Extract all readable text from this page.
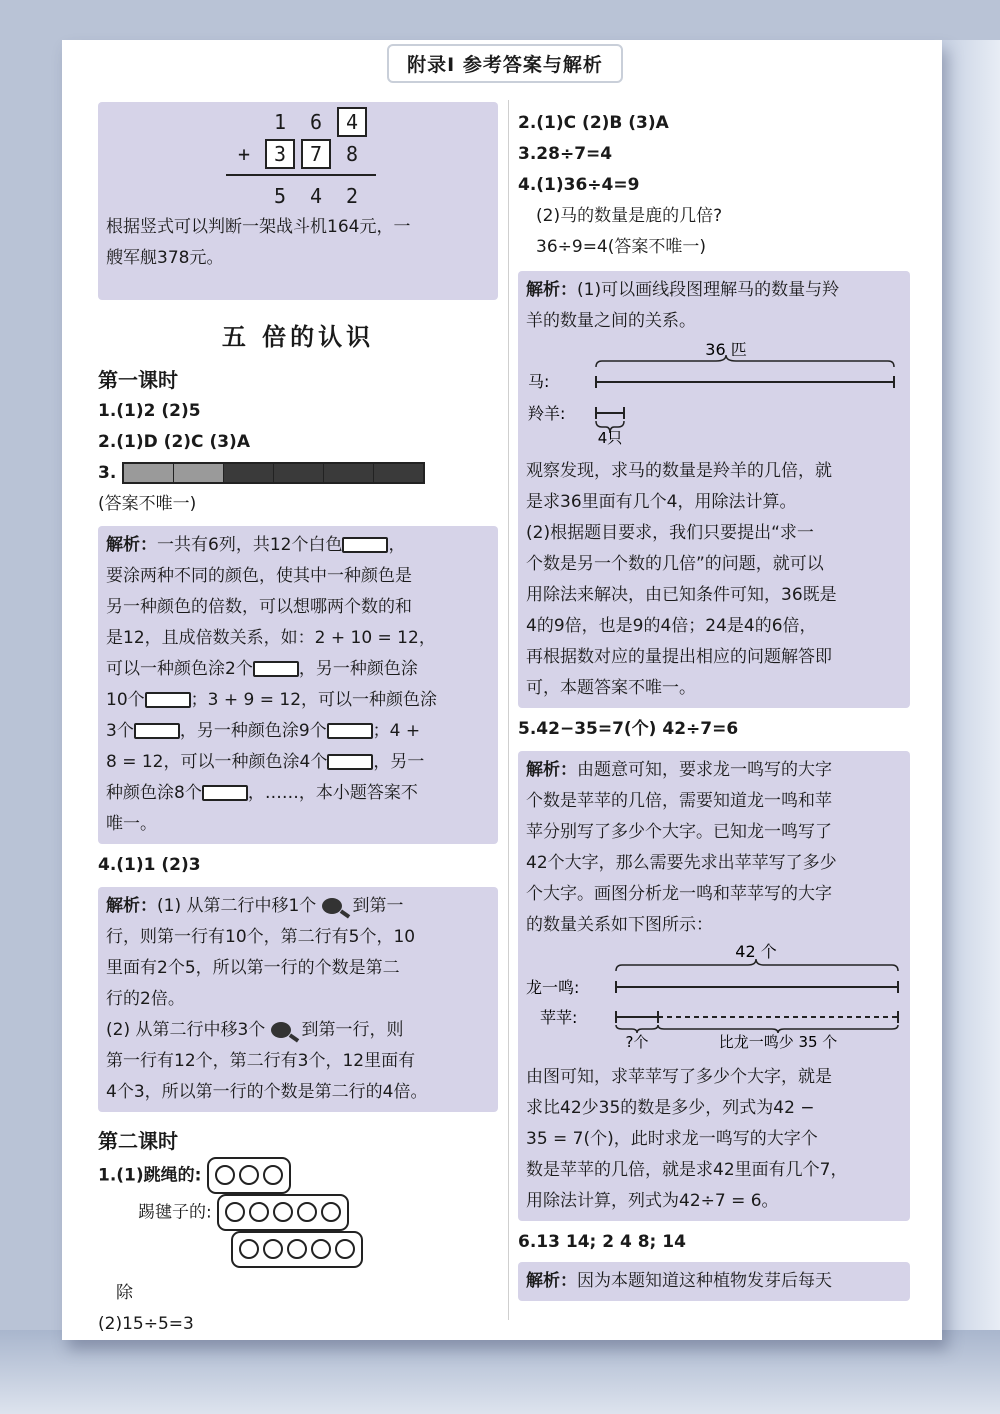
附录Ⅰ 参考答案与解析
1	6	4
+	3	7	8
5	4	2
根据竖式可以判断一架战斗机164元，一
艘军舰378元。
五 倍的认识
第一课时
1.(1)2 (2)5
2.(1)D (2)C (3)A
3.
(答案不唯一)
解析：一共有6列，共12个白色	，
要涂两种不同的颜色，使其中一种颜色是
另一种颜色的倍数，可以想哪两个数的和
是12，且成倍数关系，如：2 + 10 = 12，
可以一种颜色涂2个	，另一种颜色涂
10个	；3 + 9 = 12，可以一种颜色涂
3个	，另一种颜色涂9个	；4 +
8 = 12，可以一种颜色涂4个	，另一
种颜色涂8个	，……，本小题答案不
唯一。
4.(1)1 (2)3
解析：(1) 从第二行中移1个 到第一
行，则第一行有10个，第二行有5个，10
里面有2个5，所以第一行的个数是第二
行的2倍。
(2) 从第二行中移3个 到第一行，则
第一行有12个，第二行有3个，12里面有
4个3，所以第一行的个数是第二行的4倍。
第二课时
1.(1)跳绳的:
踢毽子的:
除
(2)15÷5=3
2.(1)C (2)B (3)A
3.28÷7=4
4.(1)36÷4=9
(2)马的数量是鹿的几倍?
36÷9=4(答案不唯一)
解析：(1)可以画线段图理解马的数量与羚
羊的数量之间的关系。
36 匹
马:
羚羊:
4只
观察发现，求马的数量是羚羊的几倍，就
是求36里面有几个4，用除法计算。
(2)根据题目要求，我们只要提出“求一
个数是另一个数的几倍”的问题，就可以
用除法来解决，由已知条件可知，36既是
4的9倍，也是9的4倍；24是4的6倍，
再根据数对应的量提出相应的问题解答即
可，本题答案不唯一。
5.42−35=7(个) 42÷7=6
解析：由题意可知，要求龙一鸣写的大字
个数是苹苹的几倍，需要知道龙一鸣和苹
苹分别写了多少个大字。已知龙一鸣写了
42个大字，那么需要先求出苹苹写了多少
个大字。画图分析龙一鸣和苹苹写的大字
的数量关系如下图所示：
42 个
龙一鸣:
苹苹:
?个	比龙一鸣少 35 个
由图可知，求苹苹写了多少个大字，就是
求比42少35的数是多少，列式为42 −
35 = 7(个)，此时求龙一鸣写的大字个
数是苹苹的几倍，就是求42里面有几个7，
用除法计算，列式为42÷7 = 6。
6.13 14; 2 4 8; 14
解析：因为本题知道这种植物发芽后每天
